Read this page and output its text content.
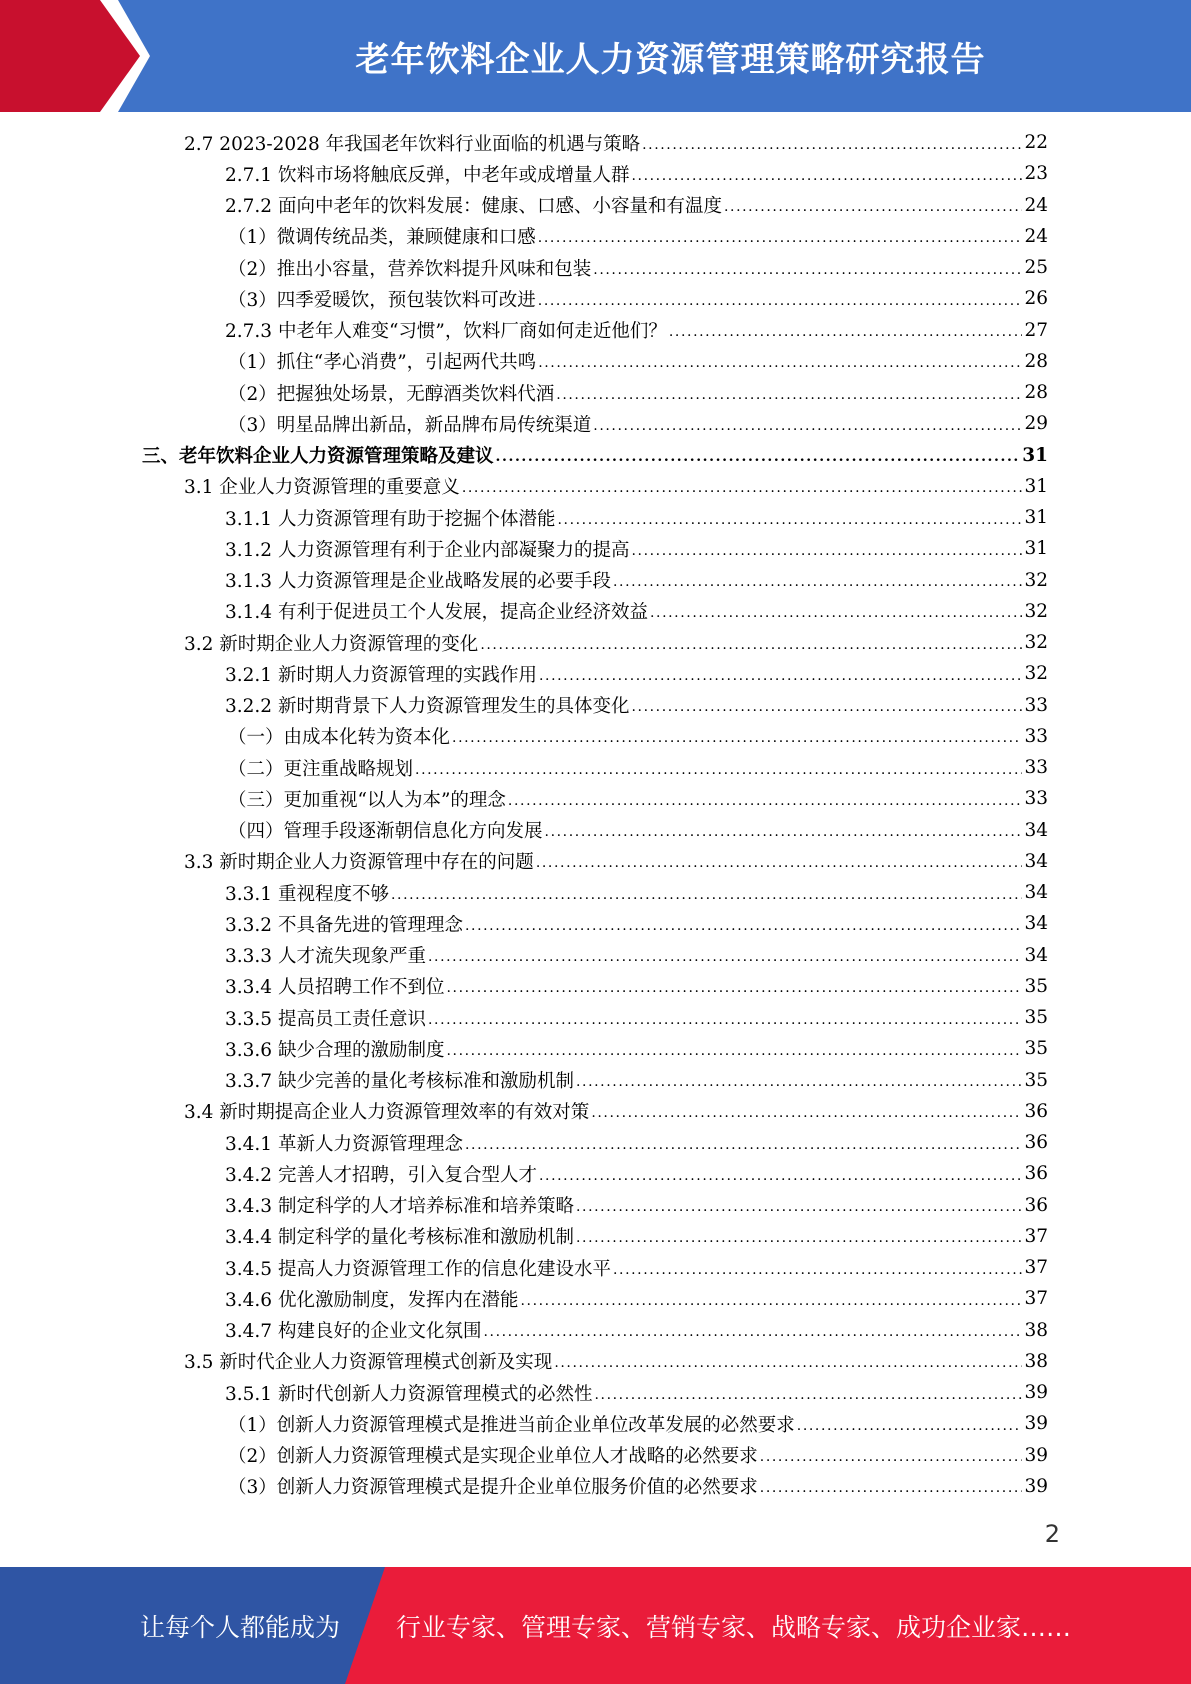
老年饮料企业人力资源管理策略研究报告
2.7 2023-2028 年我国老年饮料行业面临的机遇与策略 .....	22
2.7.1 饮料市场将触底反弹，中老年或成增量人群 .....	23
2.7.2 面向中老年的饮料发展：健康、口感、小容量和有温度 .....	24
（1）微调传统品类，兼顾健康和口感 .....	24
（2）推出小容量，营养饮料提升风味和包装 .....	25
（3）四季爱暖饮，预包装饮料可改进 .....	26
2.7.3 中老年人难变“习惯”，饮料厂商如何走近他们？ .....	27
（1）抓住“孝心消费”，引起两代共鸣 .....	28
（2）把握独处场景，无醇酒类饮料代酒 .....	28
（3）明星品牌出新品，新品牌布局传统渠道 .....	29
三、老年饮料企业人力资源管理策略及建议 .....	31
3.1 企业人力资源管理的重要意义 .....	31
3.1.1 人力资源管理有助于挖掘个体潜能 .....	31
3.1.2 人力资源管理有利于企业内部凝聚力的提高 .....	31
3.1.3 人力资源管理是企业战略发展的必要手段 .....	32
3.1.4 有利于促进员工个人发展，提高企业经济效益 .....	32
3.2 新时期企业人力资源管理的变化 .....	32
3.2.1 新时期人力资源管理的实践作用 .....	32
3.2.2 新时期背景下人力资源管理发生的具体变化 .....	33
（一）由成本化转为资本化 .....	33
（二）更注重战略规划 .....	33
（三）更加重视“以人为本”的理念 .....	33
（四）管理手段逐渐朝信息化方向发展 .....	34
3.3 新时期企业人力资源管理中存在的问题 .....	34
3.3.1 重视程度不够 .....	34
3.3.2 不具备先进的管理理念 .....	34
3.3.3 人才流失现象严重 .....	34
3.3.4 人员招聘工作不到位 .....	35
3.3.5 提高员工责任意识 .....	35
3.3.6 缺少合理的激励制度 .....	35
3.3.7 缺少完善的量化考核标准和激励机制 .....	35
3.4 新时期提高企业人力资源管理效率的有效对策 .....	36
3.4.1 革新人力资源管理理念 .....	36
3.4.2 完善人才招聘，引入复合型人才 .....	36
3.4.3 制定科学的人才培养标准和培养策略 .....	36
3.4.4 制定科学的量化考核标准和激励机制 .....	37
3.4.5 提高人力资源管理工作的信息化建设水平 .....	37
3.4.6 优化激励制度，发挥内在潜能 .....	37
3.4.7 构建良好的企业文化氛围 .....	38
3.5 新时代企业人力资源管理模式创新及实现 .....	38
3.5.1 新时代创新人力资源管理模式的必然性 .....	39
（1）创新人力资源管理模式是推进当前企业单位改革发展的必然要求 .....	39
（2）创新人力资源管理模式是实现企业单位人才战略的必然要求 .....	39
（3）创新人力资源管理模式是提升企业单位服务价值的必然要求 .....	39
2
让每个人都能成为 行业专家、管理专家、营销专家、战略专家、成功企业家……
